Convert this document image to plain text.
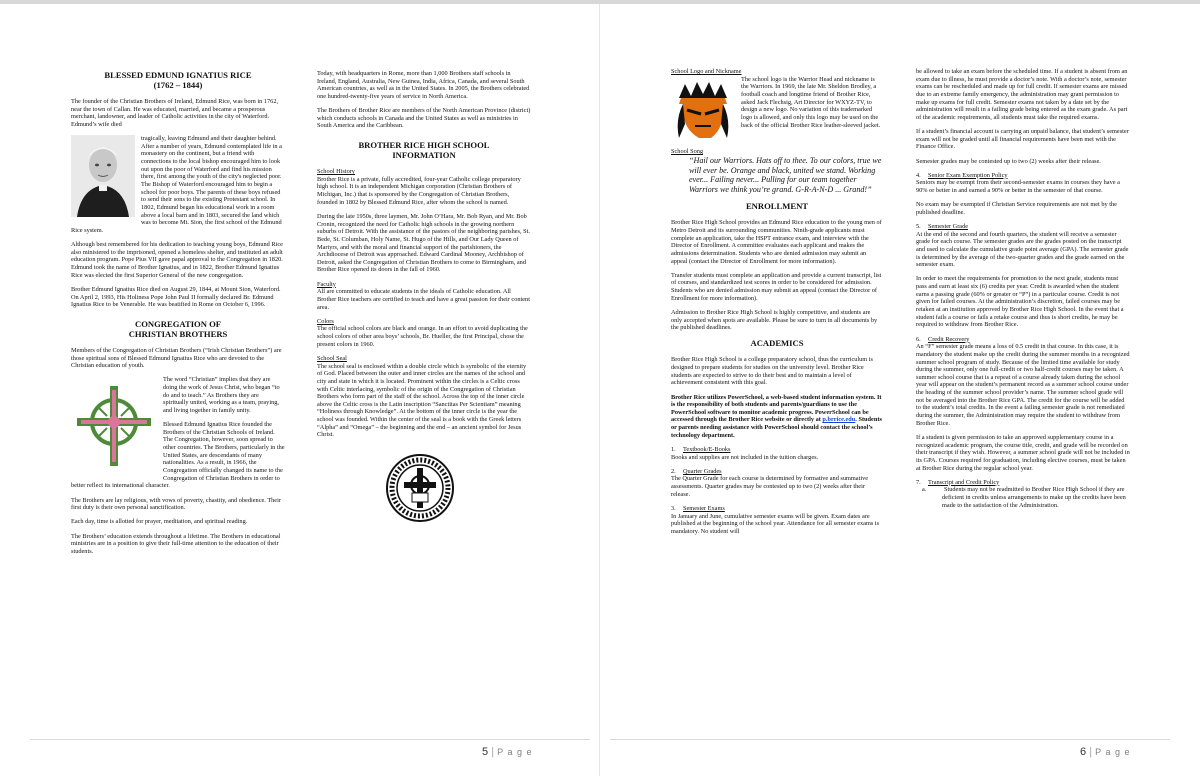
BLESSED EDMUND IGNATIUS RICE
(1762 – 1844)

The founder of the Christian Brothers of Ireland, Edmund Rice, was born in 1762, near the town of Callan. He was educated, married, and became a prosperous merchant, landowner, and leader of Catholic activities in the city of Waterford. Edmund’s wife died

tragically, leaving Edmund and their daughter behind. After a number of years, Edmund contemplated life in a monastery on the continent, but a friend with connections to the local bishop encouraged him to look out upon the poor of Waterford and find his mission there, first among the youth of the city's neglected poor. The Bishop of Waterford encouraged him to begin a school for poor boys. The parents of these boys refused to send their sons to the existing Protestant school. In 1802, Edmund began his educational work in a room above a local barn and in 1803, secured the land which was to become Mt. Sion, the first school of the Edmund Rice system.

Although best remembered for his dedication to teaching young boys, Edmund Rice also ministered to the imprisoned, opened a homeless shelter, and instituted an adult education program. Pope Pius VII gave papal approval to the Congregation in 1820. Edmund took the name of Brother Ignatius, and in 1822, Brother Edmund Ignatius Rice was elected the first Superior General of the new congregation.

Brother Edmund Ignatius Rice died on August 29, 1844, at Mount Sion, Waterford. On April 2, 1993, His Holiness Pope John Paul II formally declared Br. Edmund Ignatius Rice to be Venerable. He was beatified in Rome on October 6, 1996.

CONGREGATION OF
CHRISTIAN BROTHERS

Members of the Congregation of Christian Brothers (“Irish Christian Brothers”) are those spiritual sons of Blessed Edmund Ignatius Rice who are devoted to the Christian education of youth.

The word “Christian” implies that they are doing the work of Jesus Christ, who began “to do and to teach.” As Brothers they are spiritually united, working as a team, praying, and living together in family unity.

Blessed Edmund Ignatius Rice founded the Brothers of the Christian Schools of Ireland. The Congregation, however, soon spread to other countries. The Brothers, particularly in the United States, are descendants of many nationalities. As a result, in 1966, the Congregation officially changed its name to the Congregation of Christian Brothers in order to better reflect its international character.

The Brothers are lay religious, with vows of poverty, chastity, and obedience. Their first duty is their own personal sanctification.

Each day, time is allotted for prayer, meditation, and spiritual reading.

The Brothers’ education extends throughout a lifetime. The Brothers in educational ministries are in a position to give their full-time attention to the education of their students.

Today, with headquarters in Rome, more than 1,000 Brothers staff schools in Ireland, England, Australia, New Guinea, India, Africa, Canada, and several South American countries, as well as in the United States. In 2005, the Brothers celebrated one hundred-twenty-five years of service in North America.

The Brothers of Brother Rice are members of the North American Province (district) which conducts schools in Canada and the United States as well as ministries in South America and the Caribbean.

BROTHER RICE HIGH SCHOOL
INFORMATION

School History

Brother Rice is a private, fully accredited, four-year Catholic college preparatory high school. It is an independent Michigan corporation (Christian Brothers of Michigan, Inc.) that is sponsored by the Congregation of Christian Brothers, founded in 1802 by Blessed Edmund Rice, after whom the school is named.

During the late 1950s, three laymen, Mr. John O’Hara, Mr. Bob Ryan, and Mr. Bob Cronin, recognized the need for Catholic high schools in the growing northern suburbs of Detroit. With the assistance of the pastors of the neighboring parishes, St. Bede, St. Columban, Holy Name, St. Hugo of the Hills, and Our Lady Queen of Martyrs, and with the moral and financial support of the parishioners, the Archdiocese of Detroit was approached. Edward Cardinal Mooney, Archbishop of Detroit, asked the Congregation of Christian Brothers to come to Birmingham, and Brother Rice opened its doors in the fall of 1960.

Faculty

All are committed to educate students in the ideals of Catholic education. All Brother Rice teachers are certified to teach and have a great passion for their content area.

Colors

The official school colors are black and orange. In an effort to avoid duplicating the school colors of other area boys’ schools, Br. Hueller, the first Principal, chose the present colors in 1960.

School Seal

The school seal is enclosed within a double circle which is symbolic of the eternity of God. Placed between the outer and inner circles are the names of the school and city and state in which it is located. Prominent within the circles is a Celtic cross with Celtic interlacing, symbolic of the origin of the Congregation of Christian Brothers who form part of the staff of the school. Across the top of the inner circle above the Celtic cross is the Latin inscription “Sanctitas Per Scientiam” meaning “Holiness through Knowledge”. At the bottom of the inner circle is the year the school was founded. Within the center of the seal is a book with the Greek letters “Alpha” and “Omega” – the beginning and the end – an ancient symbol for Jesus Christ.

5 | P a g e

School Logo and Nickname

The school logo is the Warrior Head and nickname is the Warriors. In 1969, the late Mr. Sheldon Brodley, a football coach and longtime friend of Brother Rice, asked Jack Flechsig, Art Director for WXYZ-TV, to design a new logo. No variation of this trademarked logo is allowed, and only this logo may be used on the back of the official Brother Rice leather-sleeved jacket.

School Song

“Hail our Warriors. Hats off to thee. To our colors, true we will ever be. Orange and black, united we stand. Working ever... Failing never... Pulling for our team together Warriors we think you’re grand. G-R-A-N-D ... Grand!”

ENROLLMENT

Brother Rice High School provides an Edmund Rice education to the young men of Metro Detroit and its surrounding communities. Ninth-grade applicants must complete an application, take the HSPT entrance exam, and interview with the Director of Enrollment. A committee evaluates each applicant and makes the admissions determination. Students who are denied admission may submit an appeal (contact the Director of Enrollment for more information).

Transfer students must complete an application and provide a current transcript, list of courses, and standardized test scores in order to be considered for admission. Students who are denied admission may submit an appeal (contact the Director of Enrollment for more information).

Admission to Brother Rice High School is highly competitive, and students are only accepted when spots are available. Please be sure to turn in all documents by the published deadlines.

ACADEMICS

Brother Rice High School is a college preparatory school, thus the curriculum is designed to prepare students for studies on the university level. Brother Rice students are expected to strive to do their best and to maintain a level of achievement consistent with this goal.

Brother Rice utilizes PowerSchool, a web-based student information system. It is the responsibility of both students and parents/guardians to use the PowerSchool software to monitor academic progress. PowerSchool can be accessed through the Brother Rice website or directly at p.brrice.edu. Students or parents needing assistance with PowerSchool should contact the school’s technology department.

1. Textbook/E-Books

Books and supplies are not included in the tuition charges.

2. Quarter Grades

The Quarter Grade for each course is determined by formative and summative assessments. Quarter grades may be contested up to two (2) weeks after their release.

3. Semester Exams

In January and June, cumulative semester exams will be given. Exam dates are published at the beginning of the school year. Attendance for all semester exams is mandatory. No student will

be allowed to take an exam before the scheduled time. If a student is absent from an exam due to illness, he must provide a doctor’s note. With a doctor’s note, semester exams can be rescheduled and made up for full credit. If semester exams are missed due to an extreme family emergency, the administration may grant permission to make up exams for full credit. Semester exams not taken by a date set by the administration will result in a failing grade being entered as the exam grade. As part of the academic requirements, all students must take the required exams.

If a student’s financial account is carrying an unpaid balance, that student’s semester exam will not be graded until all financial requirements have been met with the Finance Office.

Semester grades may be contested up to two (2) weeks after their release.

4. Senior Exam Exemption Policy

Seniors may be exempt from their second-semester exams in courses they have a 90% or better in and earned a 90% or better in the semester of that course.

No exam may be exempted if Christian Service requirements are not met by the published deadline.

5. Semester Grade

At the end of the second and fourth quarters, the student will receive a semester grade for each course. The semester grades are the grades posted on the transcript and used to calculate the cumulative grade point average (GPA). The semester grade is determined by the average of the two-quarter grades and the grade earned on the semester exam.

In order to meet the requirements for promotion to the next grade, students must pass and earn at least six (6) credits per year. Credit is awarded when the student earns a passing grade (60% or greater or “P”) in a particular course. Credit is not given for failed courses. At the administration’s discretion, failed courses may be retaken at an institution approved by Brother Rice High School. In the event that a student fails a course or fails a retake course and thus is short credits, he may be required to withdraw from Brother Rice.

6. Credit Recovery

An “F” semester grade means a loss of 0.5 credit in that course. In this case, it is mandatory the student make up the credit during the summer months in a recognized summer school program of study. Because of the limited time available for study during the summer, only one full-credit or two half-credit courses may be taken. A summer school course that is a repeat of a course already taken during the school year will appear on the student’s permanent record as a summer school course under the heading of the summer school provider’s name. The summer school grade will not be averaged into the Brother Rice GPA. The credit for the course will be added to the student’s total credits. In the event a failing semester grade is not remediated during the summer, the Administration may require the student to withdraw from Brother Rice.

If a student is given permission to take an approved supplementary course in a recognized academic program, the course title, credit, and grade will be recorded on their transcript if they wish. However, a summer school grade will not be included in its GPA. Courses required for graduation, including elective courses, must be taken at Brother Rice during the regular school year.

7. Transcript and Credit Policy

a.	Students may not be readmitted to Brother Rice High School if they are deficient in credits unless arrangements to make up the credits have been made to the satisfaction of the Administration.

6 | P a g e
